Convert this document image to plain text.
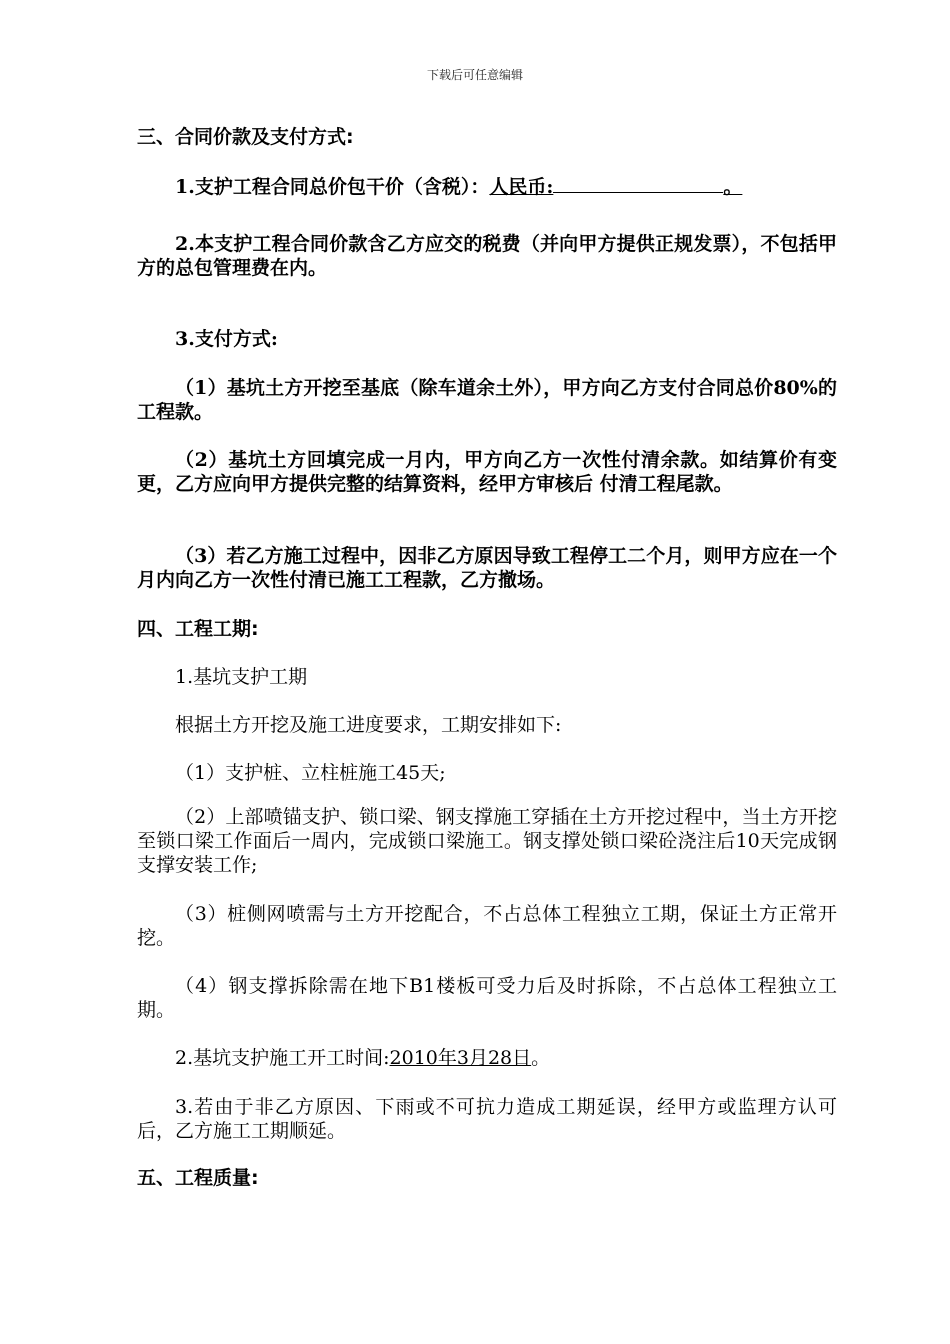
下载后可任意编辑
三、合同价款及支付方式:
1.支护工程合同总价包干价（含税）：人民币:	。
2.本支护工程合同价款含乙方应交的税费（并向甲方提供正规发票），不包括甲方的总包管理费在内。
3.支付方式:
（1）基坑土方开挖至基底（除车道余土外），甲方向乙方支付合同总价80%的工程款。
（2）基坑土方回填完成一月内，甲方向乙方一次性付清余款。如结算价有变更，乙方应向甲方提供完整的结算资料，经甲方审核后 付清工程尾款。
（3）若乙方施工过程中，因非乙方原因导致工程停工二个月，则甲方应在一个月内向乙方一次性付清已施工工程款，乙方撤场。
四、工程工期:
1.基坑支护工期
根据土方开挖及施工进度要求，工期安排如下:
（1）支护桩、立柱桩施工45天;
（2）上部喷锚支护、锁口梁、钢支撑施工穿插在土方开挖过程中，当土方开挖至锁口梁工作面后一周内，完成锁口梁施工。钢支撑处锁口梁砼浇注后10天完成钢支撑安装工作;
（3）桩侧网喷需与土方开挖配合，不占总体工程独立工期，保证土方正常开挖。
（4）钢支撑拆除需在地下B1楼板可受力后及时拆除，不占总体工程独立工期。
2.基坑支护施工开工时间:2010年3月28日。
3.若由于非乙方原因、下雨或不可抗力造成工期延误，经甲方或监理方认可后，乙方施工工期顺延。
五、工程质量:
